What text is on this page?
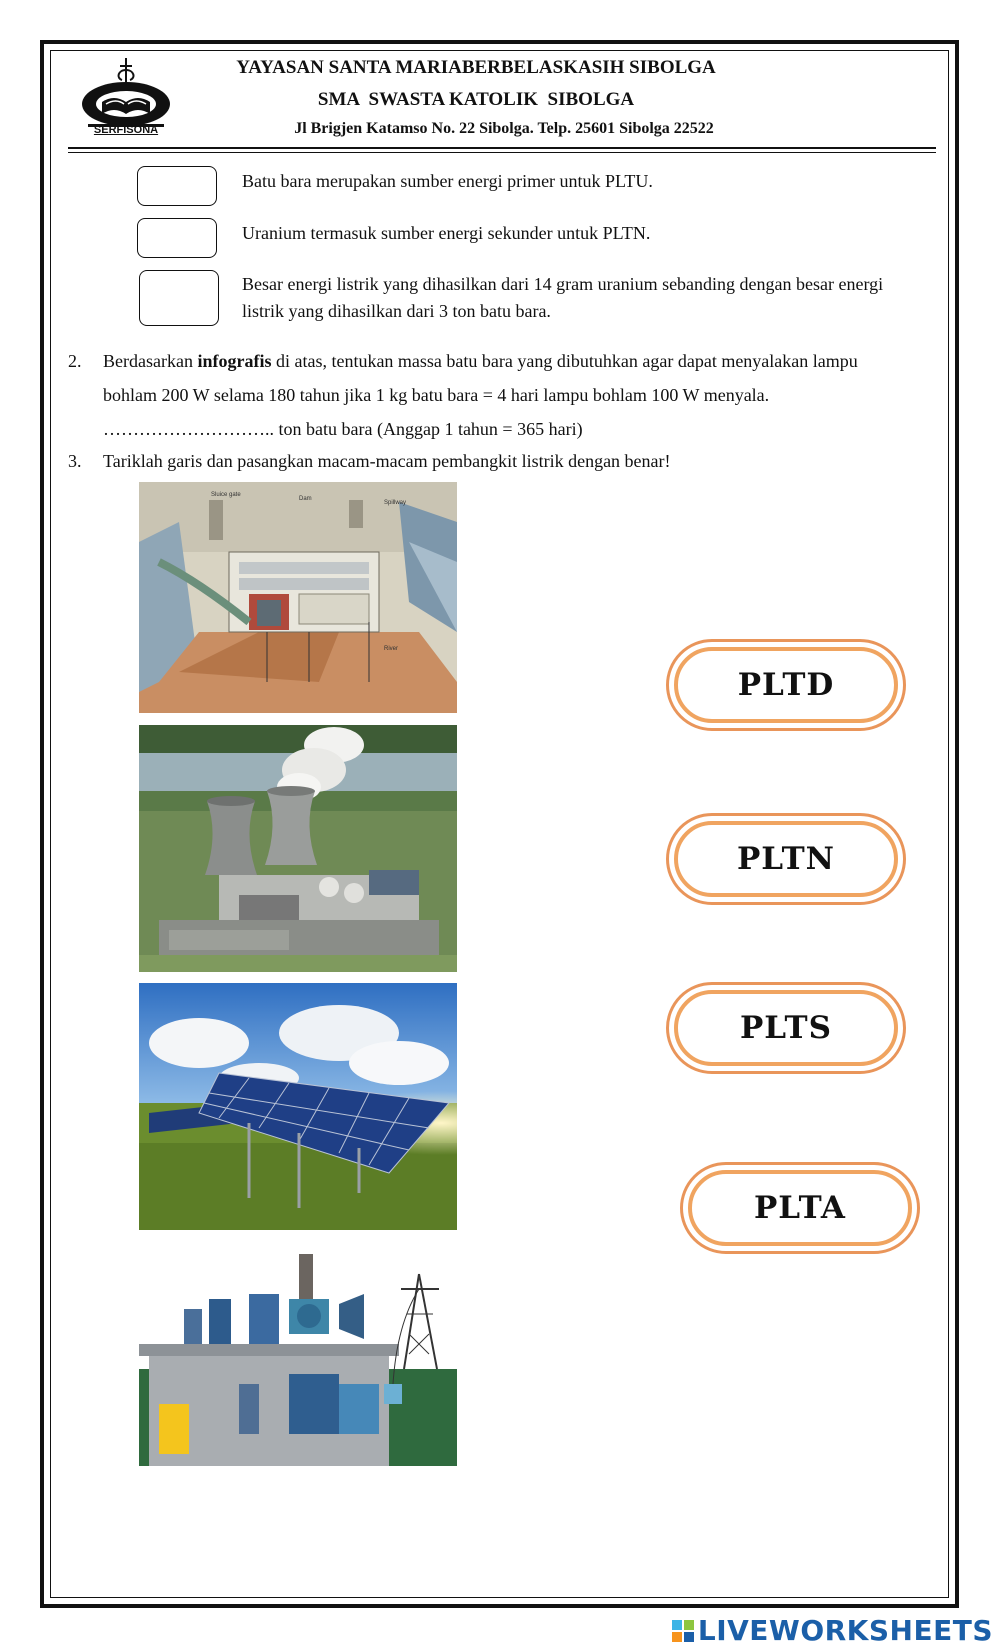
SERFISONA
YAYASAN SANTA MARIABERBELASKASIH SIBOLGA
SMA  SWASTA KATOLIK  SIBOLGA
Jl Brigjen Katamso No. 22 Sibolga. Telp. 25601 Sibolga 22522
Batu bara merupakan sumber energi primer untuk PLTU.
Uranium termasuk sumber energi sekunder untuk PLTN.
Besar energi listrik yang dihasilkan dari 14 gram uranium sebanding dengan besar energi listrik yang dihasilkan dari 3 ton batu bara.
2. Berdasarkan infografis di atas, tentukan massa batu bara yang dibutuhkan agar dapat menyalakan lampu
bohlam 200 W selama 180 tahun jika 1 kg batu bara = 4 hari lampu bohlam 100 W menyala.
……………………….. ton batu bara (Anggap 1 tahun = 365 hari)
3. Tariklah garis dan pasangkan macam-macam pembangkit listrik dengan benar!
Sluice gate
Dam
Spillway
River
PLTD
PLTN
PLTS
PLTA
LIVEWORKSHEETS
